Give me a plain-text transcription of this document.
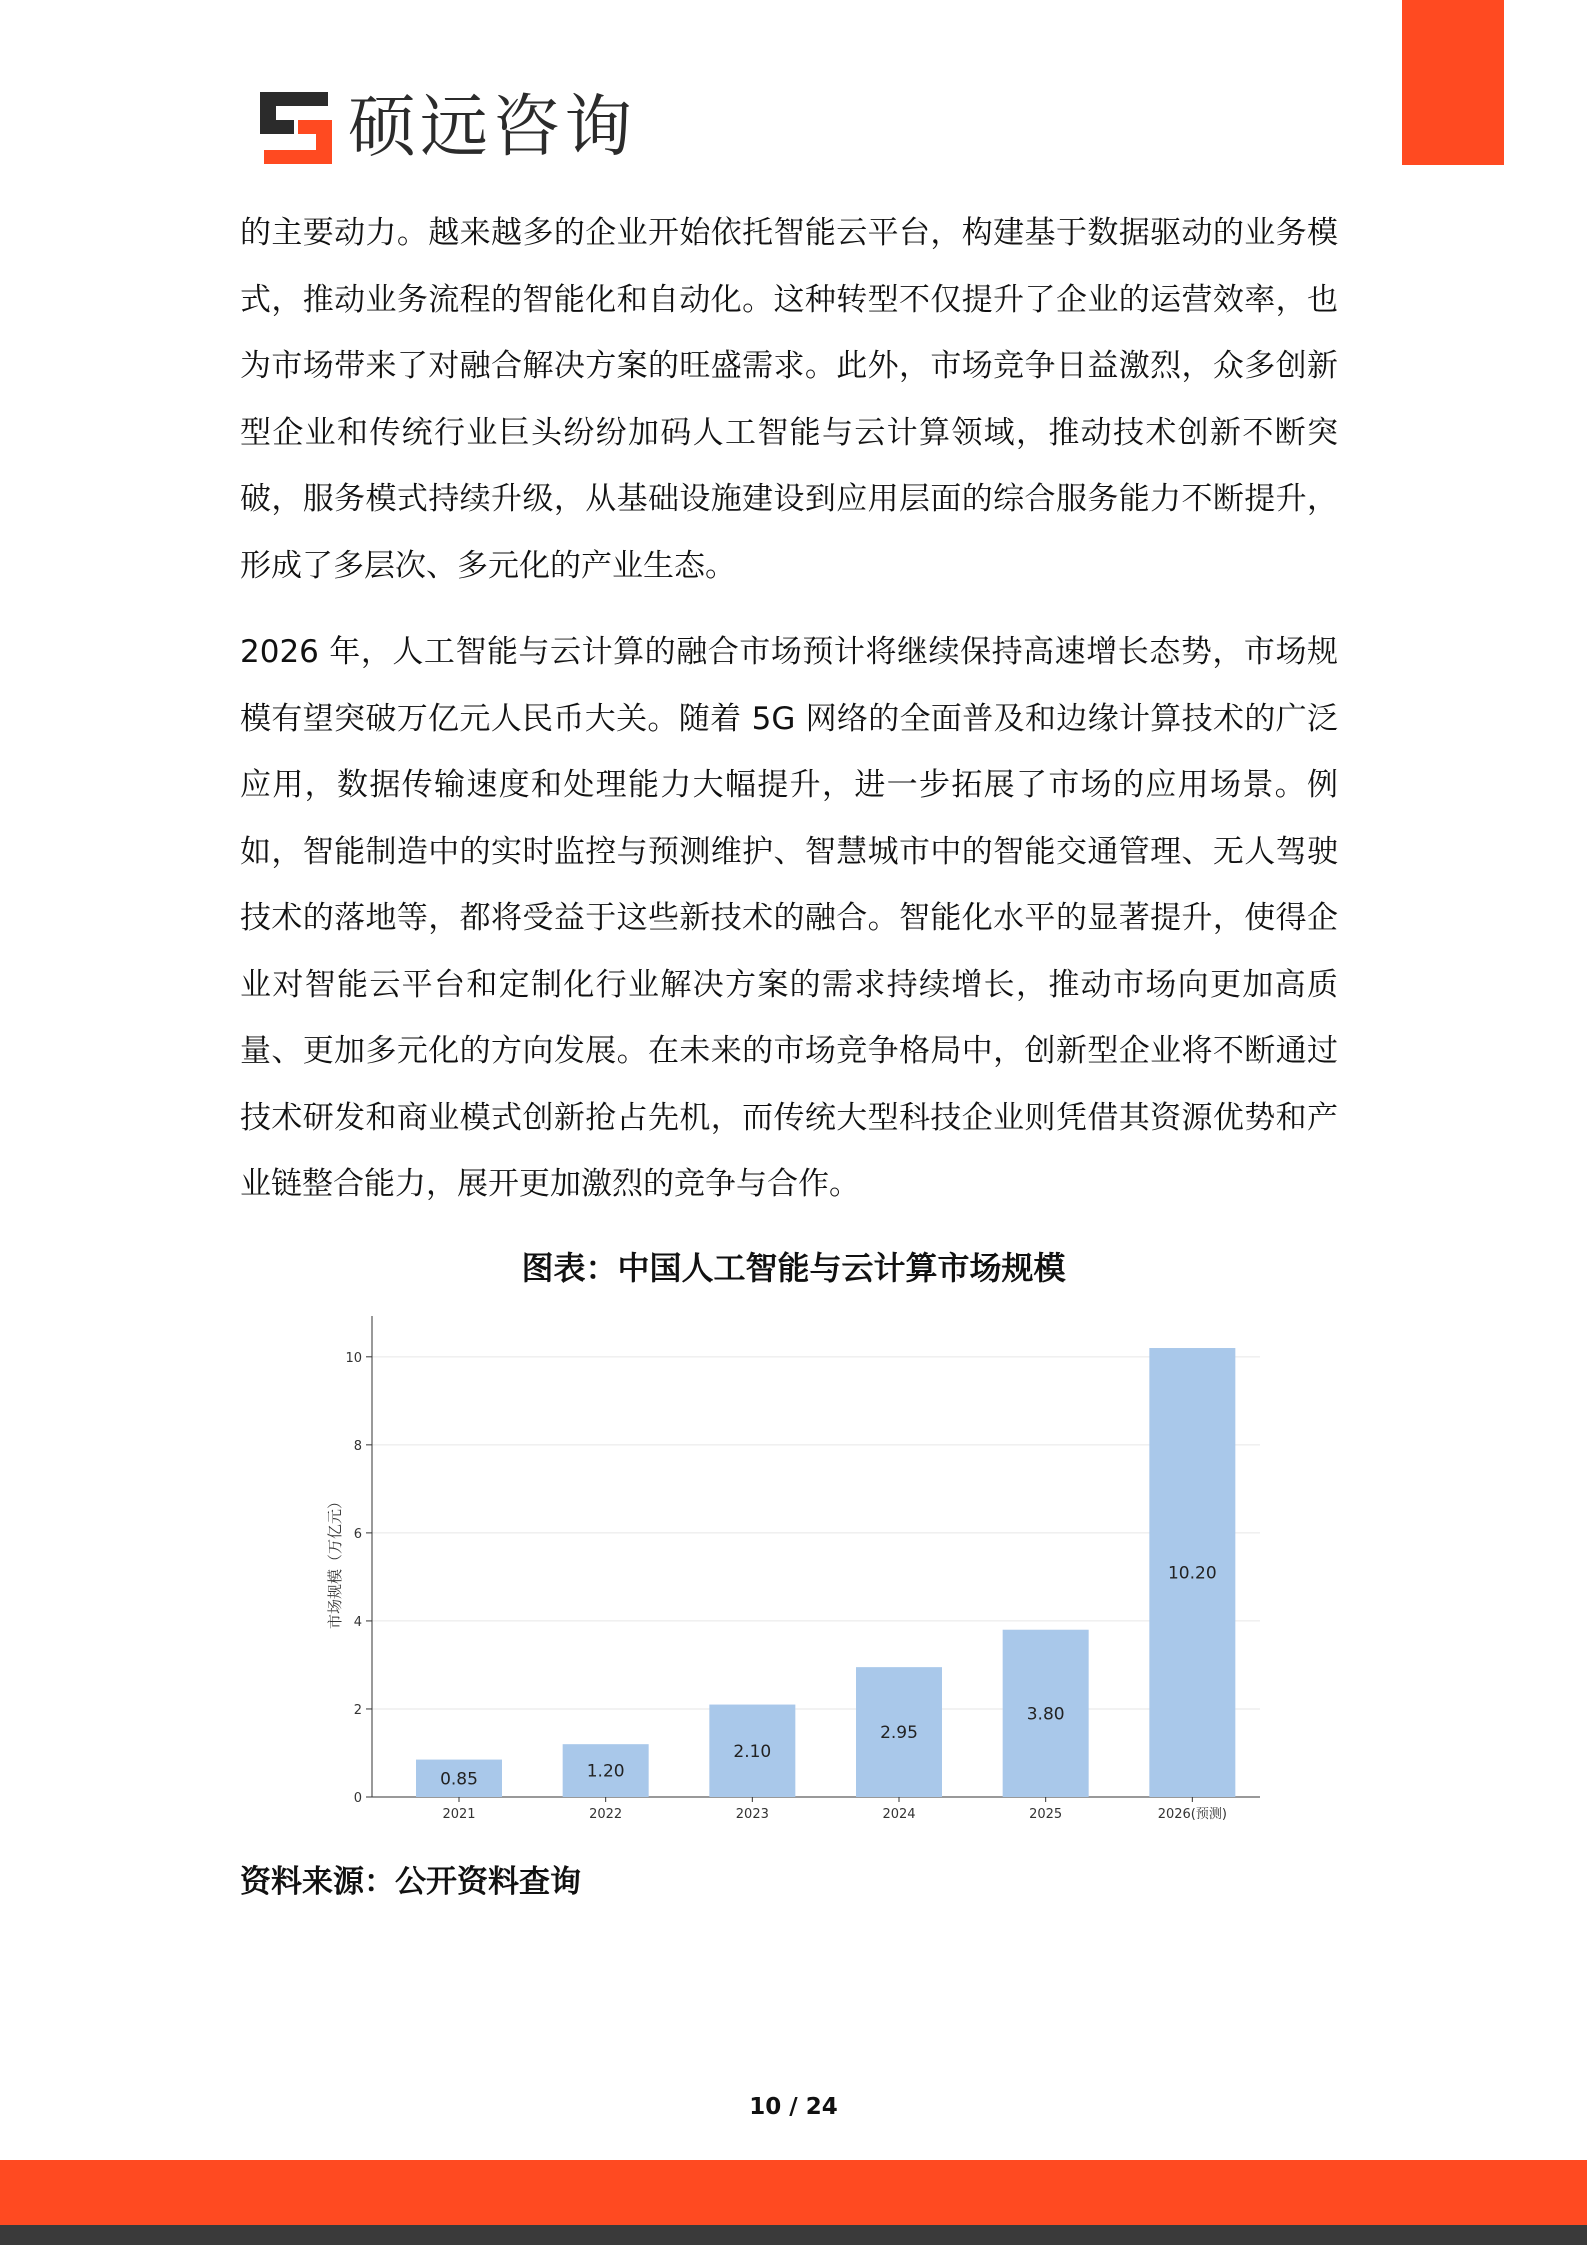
硕远咨询

的主要动力。越来越多的企业开始依托智能云平台，构建基于数据驱动的业务模式，推动业务流程的智能化和自动化。这种转型不仅提升了企业的运营效率，也为市场带来了对融合解决方案的旺盛需求。此外，市场竞争日益激烈，众多创新型企业和传统行业巨头纷纷加码人工智能与云计算领域，推动技术创新不断突破，服务模式持续升级，从基础设施建设到应用层面的综合服务能力不断提升，形成了多层次、多元化的产业生态。

2026 年，人工智能与云计算的融合市场预计将继续保持高速增长态势，市场规模有望突破万亿元人民币大关。随着 5G 网络的全面普及和边缘计算技术的广泛应用，数据传输速度和处理能力大幅提升，进一步拓展了市场的应用场景。例如，智能制造中的实时监控与预测维护、智慧城市中的智能交通管理、无人驾驶技术的落地等，都将受益于这些新技术的融合。智能化水平的显著提升，使得企业对智能云平台和定制化行业解决方案的需求持续增长，推动市场向更加高质量、更加多元化的方向发展。在未来的市场竞争格局中，创新型企业将不断通过技术研发和商业模式创新抢占先机，而传统大型科技企业则凭借其资源优势和产业链整合能力，展开更加激烈的竞争与合作。

图表：中国人工智能与云计算市场规模
0
2
4
6
8
10
市场规模（万亿元）
0.85
2021
1.20
2022
2.10
2023
2.95
2024
3.80
2025
10.20
2026(预测)
资料来源：公开资料查询
10 / 24
